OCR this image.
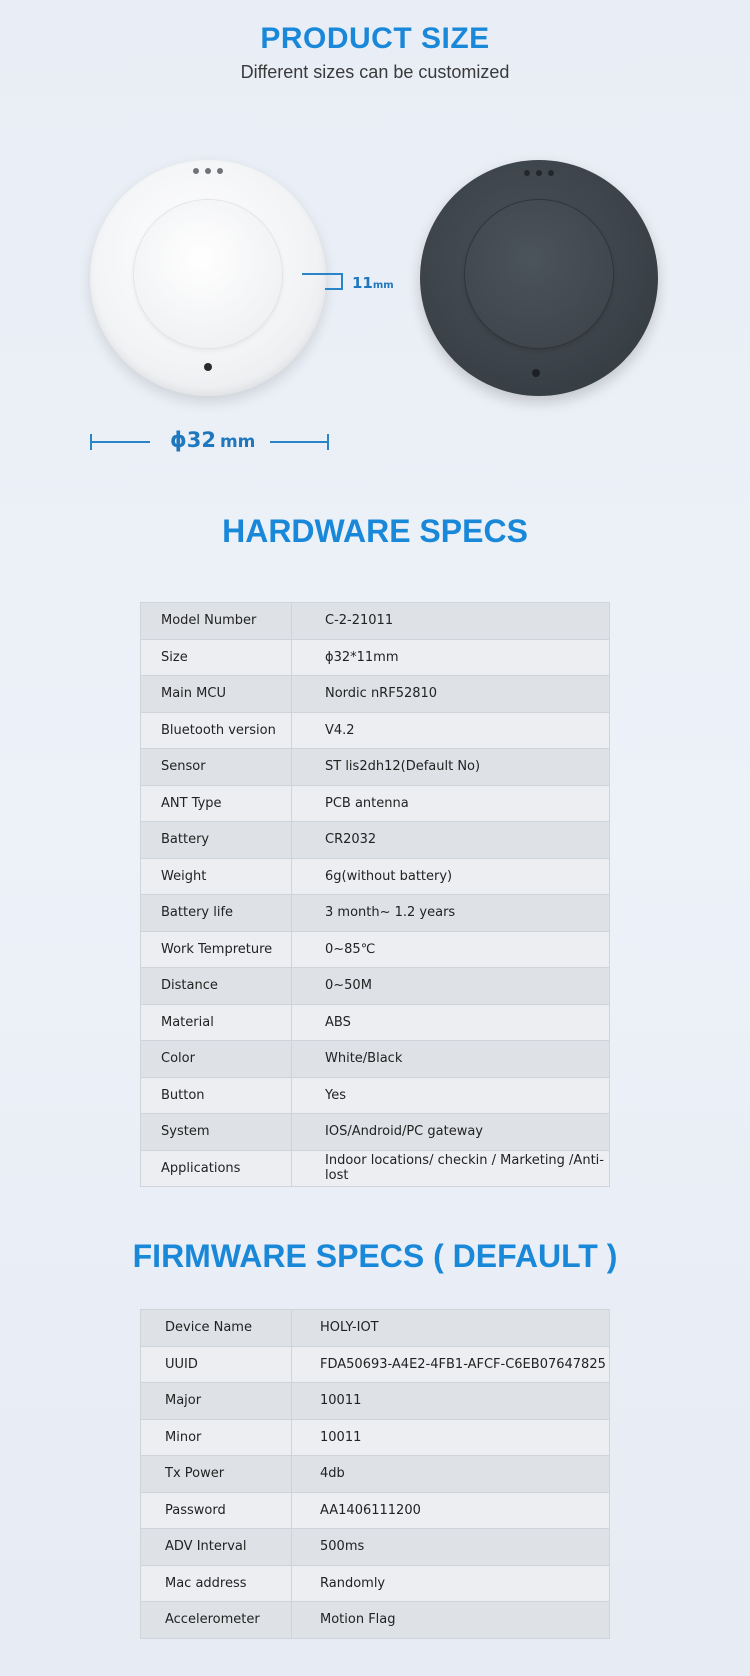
PRODUCT SIZE
Different sizes can be customized
11mm
ϕ32 mm
HARDWARE SPECS
Model Number	C-2-21011
Size	ϕ32*11mm
Main MCU	Nordic nRF52810
Bluetooth version	V4.2
Sensor	ST lis2dh12(Default No)
ANT Type	PCB antenna
Battery	CR2032
Weight	6g(without battery)
Battery life	3 month~ 1.2 years
Work Tempreture	0~85℃
Distance	0~50M
Material	ABS
Color	White/Black
Button	Yes
System	IOS/Android/PC gateway
Applications	Indoor locations/ checkin / Marketing /Anti-lost
FIRMWARE SPECS ( DEFAULT )
Device Name	HOLY-IOT
UUID	FDA50693-A4E2-4FB1-AFCF-C6EB07647825
Major	10011
Minor	10011
Tx Power	4db
Password	AA1406111200
ADV Interval	500ms
Mac address	Randomly
Accelerometer	Motion Flag
